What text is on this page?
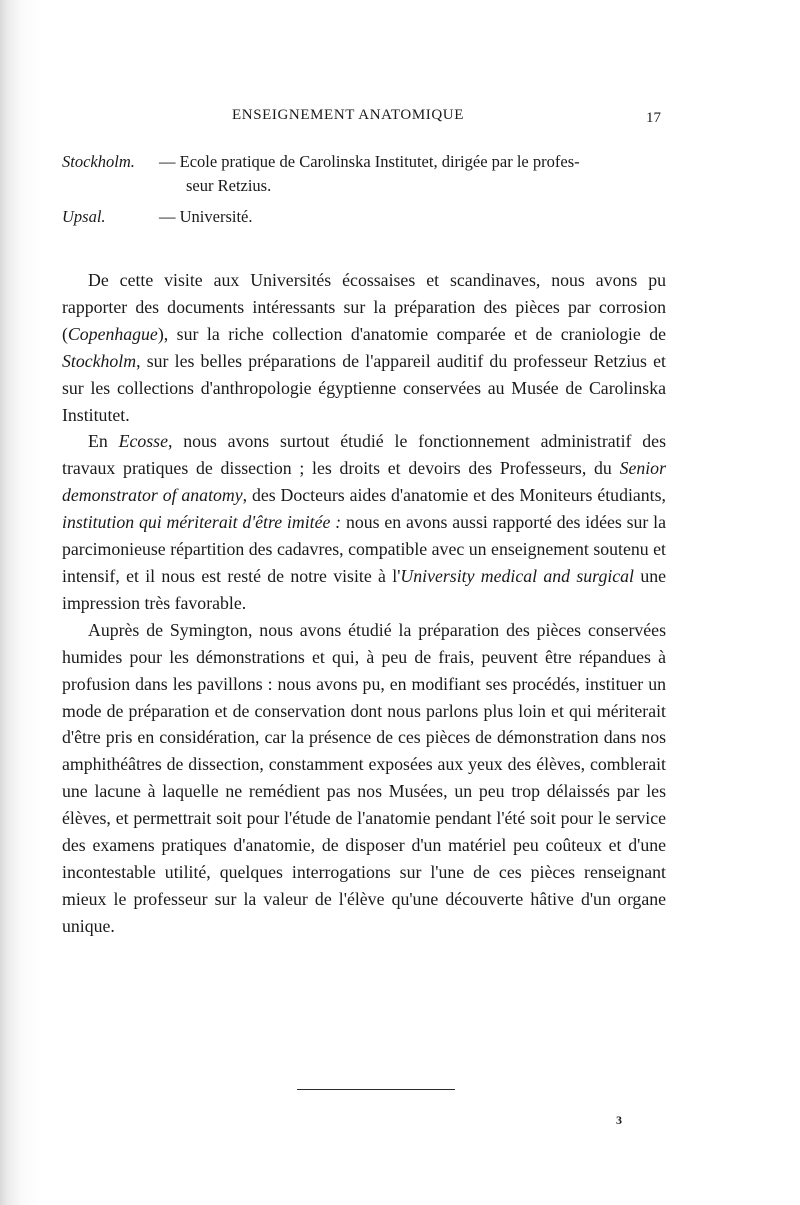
ENSEIGNEMENT ANATOMIQUE	17
Stockholm. — Ecole pratique de Carolinska Institutet, dirigée par le profes-
seur Retzius.
Upsal.	— Université.

De cette visite aux Universités écossaises et scandinaves, nous avons pu rapporter des documents intéressants sur la préparation des pièces par corrosion (Copenhague), sur la riche collection d'anatomie comparée et de craniologie de Stockholm, sur les belles préparations de l'appareil auditif du professeur Retzius et sur les collections d'anthropologie égyptienne conservées au Musée de Carolinska Institutet.

En Ecosse, nous avons surtout étudié le fonctionnement administratif des travaux pratiques de dissection ; les droits et devoirs des Professeurs, du Senior demonstrator of anatomy, des Docteurs aides d'anatomie et des Moniteurs étudiants, institution qui mériterait d'être imitée : nous en avons aussi rapporté des idées sur la parcimonieuse répartition des cadavres, compatible avec un enseignement soutenu et intensif, et il nous est resté de notre visite à l'University medical and surgical une impression très favorable.

Auprès de Symington, nous avons étudié la préparation des pièces conservées humides pour les démonstrations et qui, à peu de frais, peuvent être répandues à profusion dans les pavillons : nous avons pu, en modifiant ses procédés, instituer un mode de préparation et de conservation dont nous parlons plus loin et qui mériterait d'être pris en considération, car la présence de ces pièces de démonstration dans nos amphithéâtres de dissection, constamment exposées aux yeux des élèves, comblerait une lacune à laquelle ne remédient pas nos Musées, un peu trop délaissés par les élèves, et permettrait soit pour l'étude de l'anatomie pendant l'été soit pour le service des examens pratiques d'anatomie, de disposer d'un matériel peu coûteux et d'une incontestable utilité, quelques interrogations sur l'une de ces pièces renseignant mieux le professeur sur la valeur de l'élève qu'une découverte hâtive d'un organe unique.

3
